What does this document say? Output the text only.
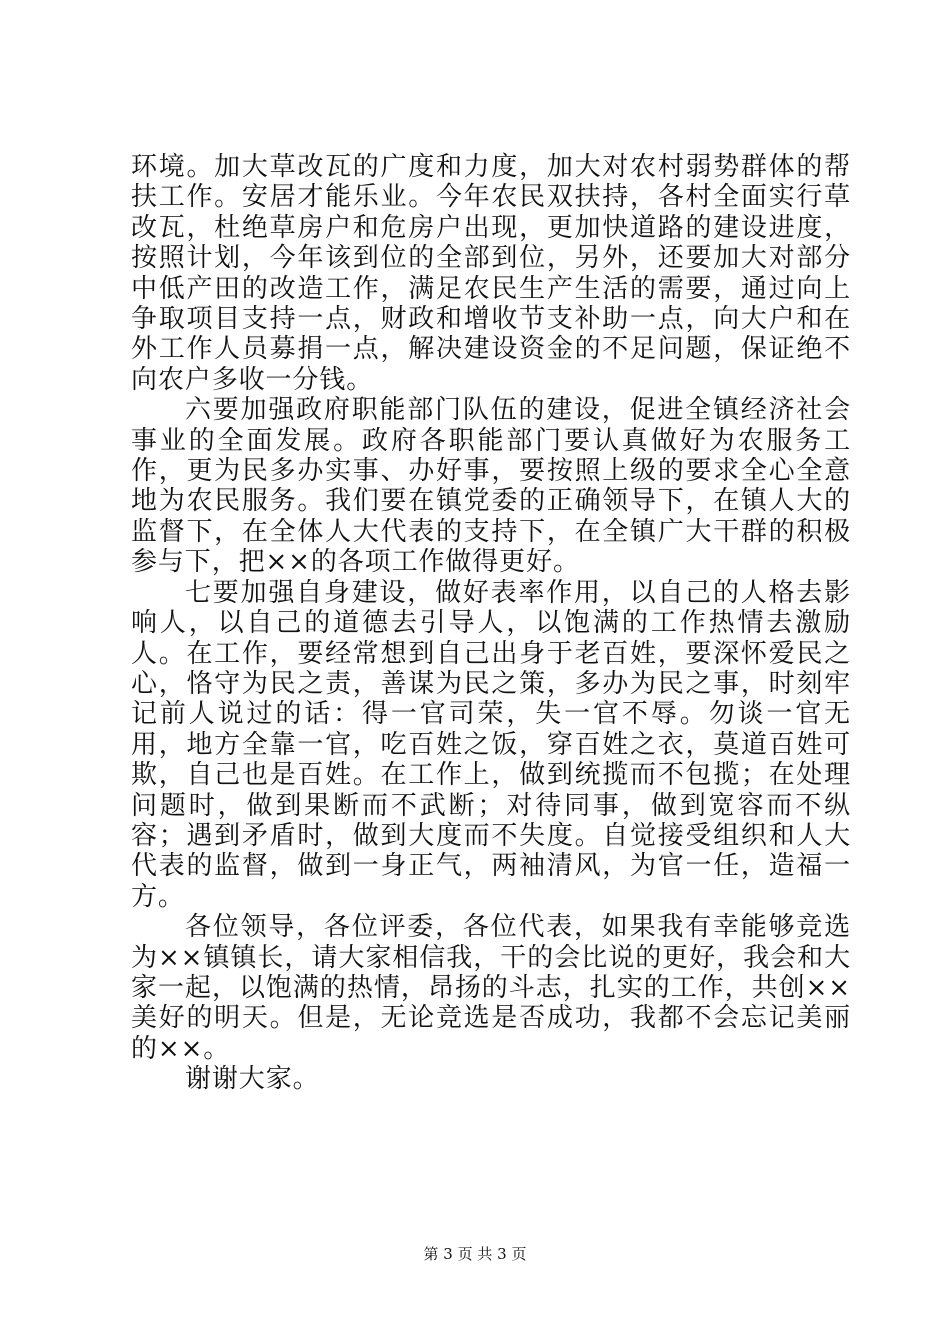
环境。加大草改瓦的广度和力度，加大对农村弱势群体的帮扶工作。安居才能乐业。今年农民双扶持，各村全面实行草改瓦，杜绝草房户和危房户出现，更加快道路的建设进度，按照计划，今年该到位的全部到位，另外，还要加大对部分中低产田的改造工作，满足农民生产生活的需要，通过向上争取项目支持一点，财政和增收节支补助一点，向大户和在外工作人员募捐一点，解决建设资金的不足问题，保证绝不向农户多收一分钱。

六要加强政府职能部门队伍的建设，促进全镇经济社会事业的全面发展。政府各职能部门要认真做好为农服务工作，更为民多办实事、办好事，要按照上级的要求全心全意地为农民服务。我们要在镇党委的正确领导下，在镇人大的监督下，在全体人大代表的支持下，在全镇广大干群的积极参与下，把××的各项工作做得更好。

七要加强自身建设，做好表率作用，以自己的人格去影响人，以自己的道德去引导人，以饱满的工作热情去激励人。在工作，要经常想到自己出身于老百姓，要深怀爱民之心，恪守为民之责，善谋为民之策，多办为民之事，时刻牢记前人说过的话：得一官司荣，失一官不辱。勿谈一官无用，地方全靠一官，吃百姓之饭，穿百姓之衣，莫道百姓可欺，自己也是百姓。在工作上，做到统揽而不包揽；在处理问题时，做到果断而不武断；对待同事，做到宽容而不纵容；遇到矛盾时，做到大度而不失度。自觉接受组织和人大代表的监督，做到一身正气，两袖清风，为官一任，造福一方。

各位领导，各位评委，各位代表，如果我有幸能够竞选为××镇镇长，请大家相信我，干的会比说的更好，我会和大家一起，以饱满的热情，昂扬的斗志，扎实的工作，共创××美好的明天。但是，无论竞选是否成功，我都不会忘记美丽的××。

谢谢大家。

第 3 页 共 3 页
